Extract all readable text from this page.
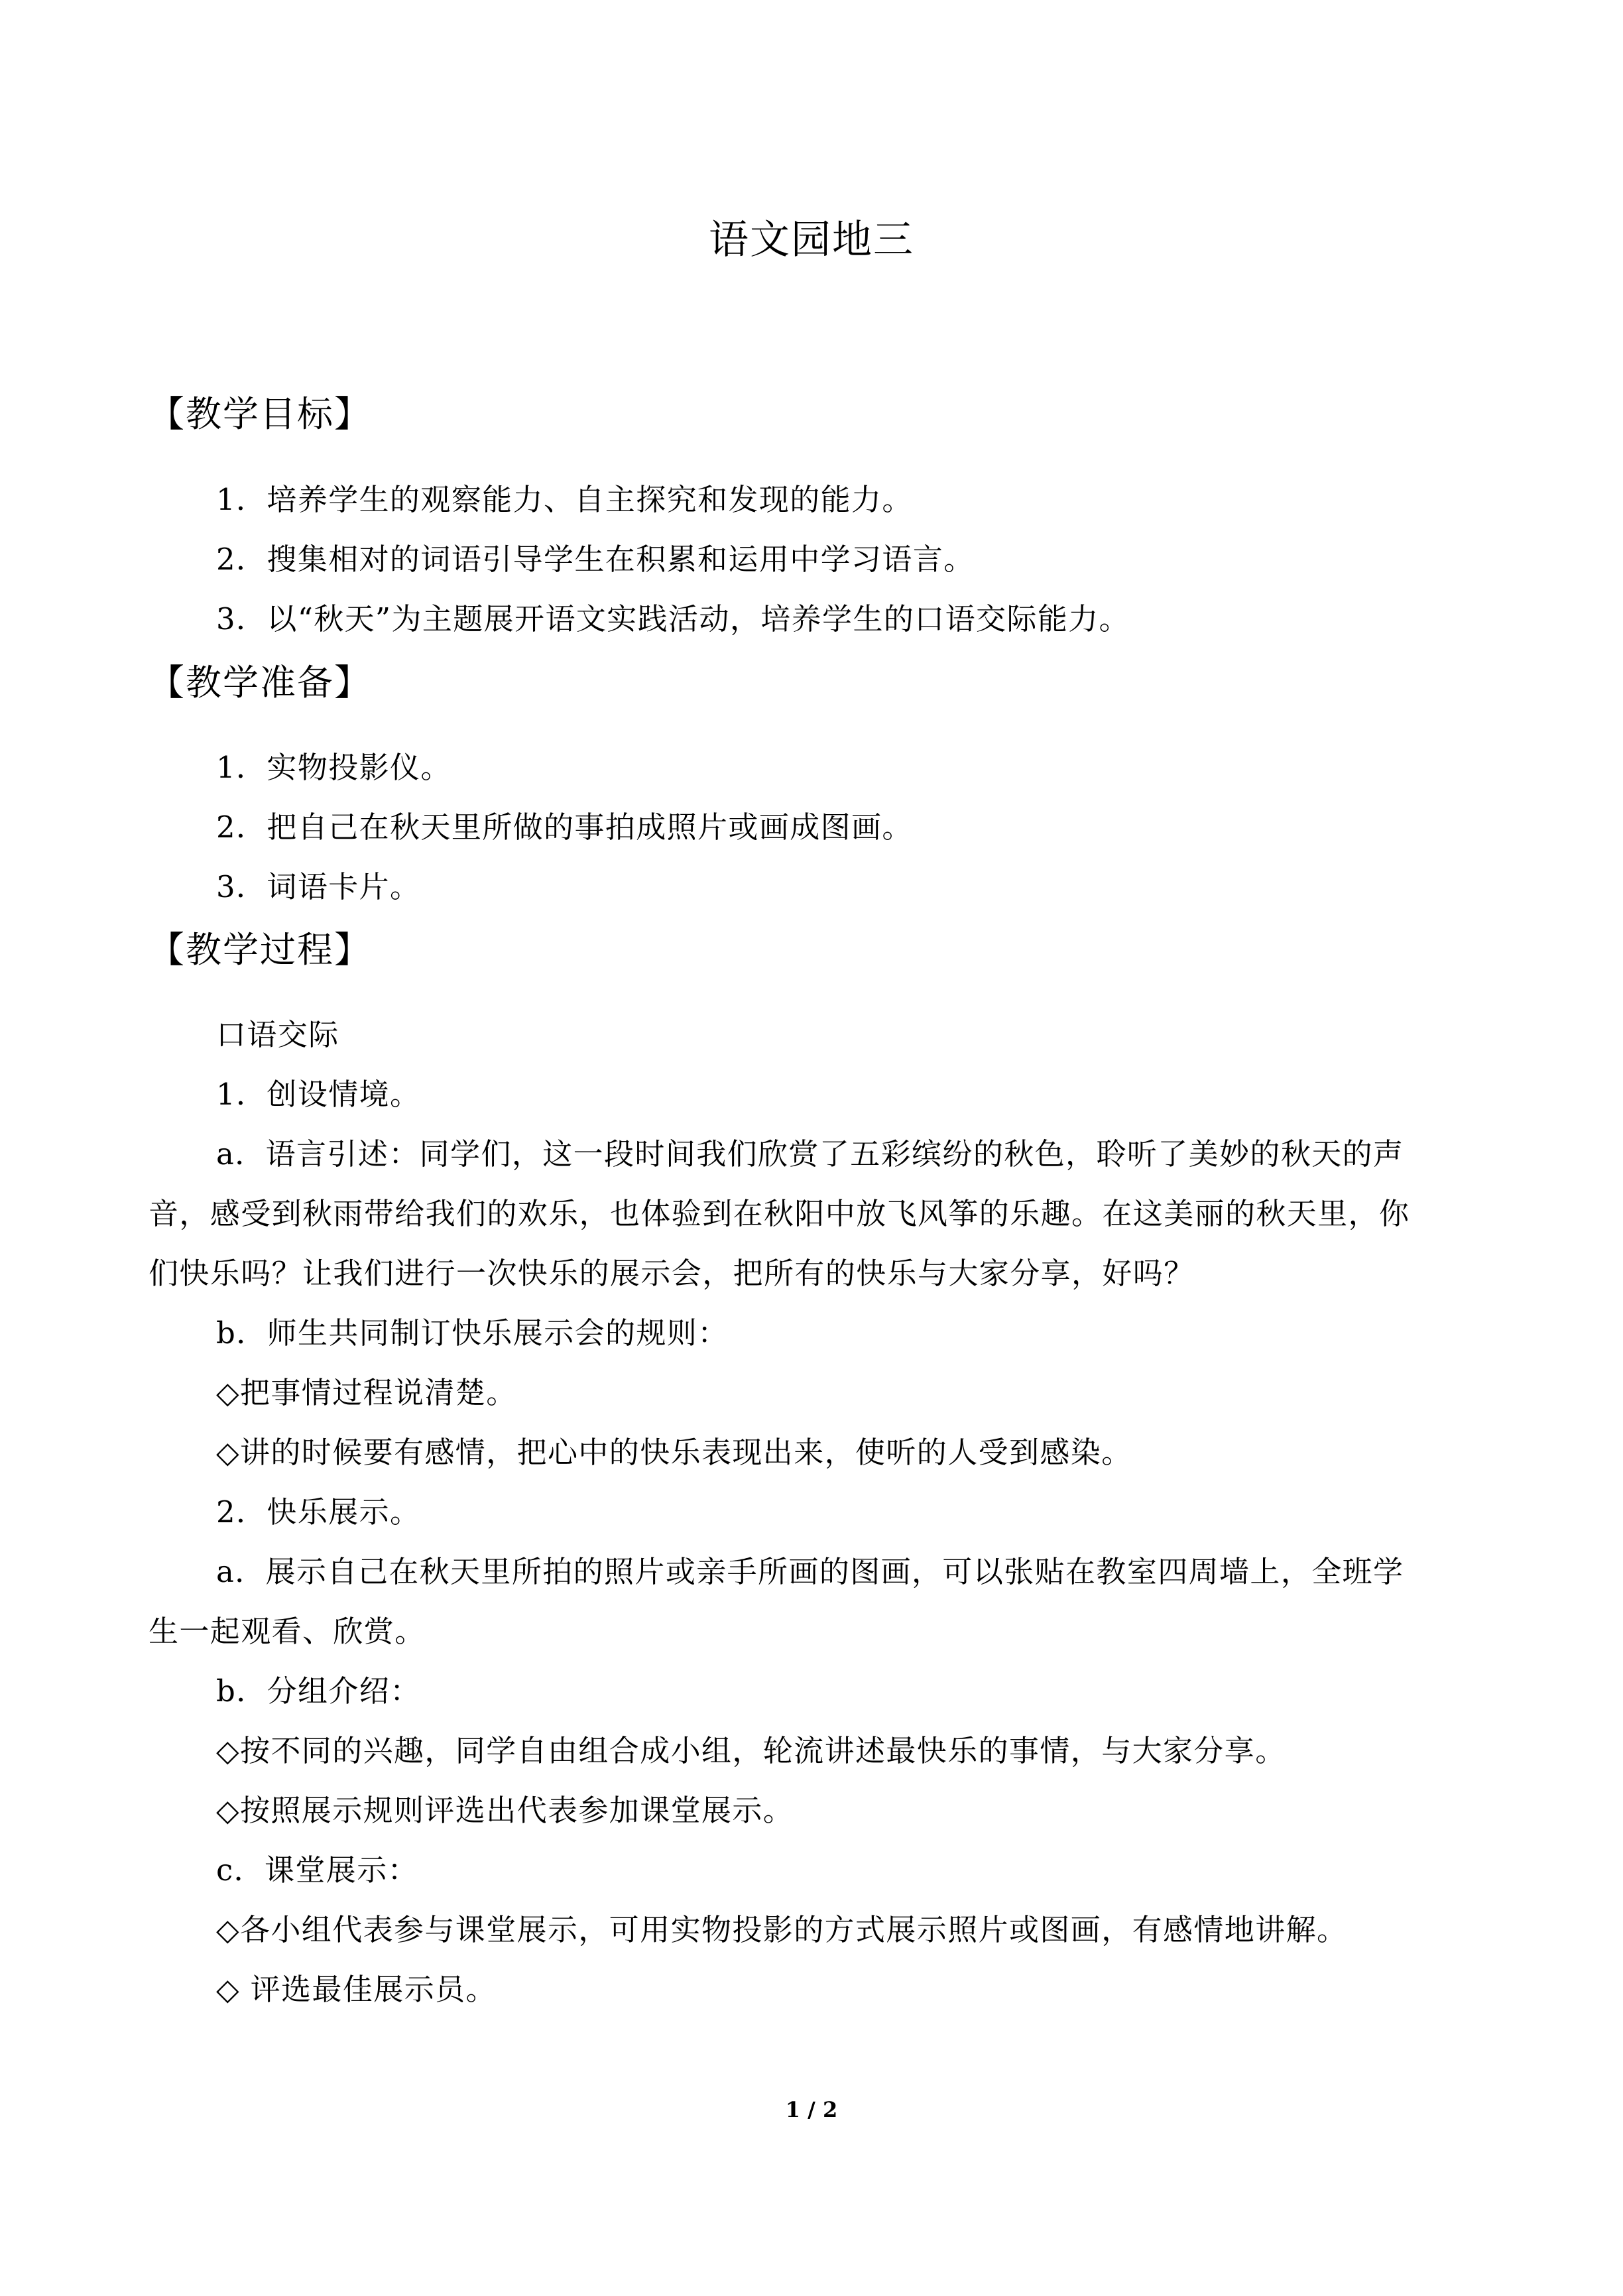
语文园地三
【教学目标】
1．培养学生的观察能力、自主探究和发现的能力。
2．搜集相对的词语引导学生在积累和运用中学习语言。
3．以“秋天”为主题展开语文实践活动，培养学生的口语交际能力。
【教学准备】
1．实物投影仪。
2．把自己在秋天里所做的事拍成照片或画成图画。
3．词语卡片。
【教学过程】
口语交际
1．创设情境。
a．语言引述：同学们，这一段时间我们欣赏了五彩缤纷的秋色，聆听了美妙的秋天的声
音，感受到秋雨带给我们的欢乐，也体验到在秋阳中放飞风筝的乐趣。在这美丽的秋天里，你
们快乐吗？让我们进行一次快乐的展示会，把所有的快乐与大家分享，好吗？
b．师生共同制订快乐展示会的规则：
◇把事情过程说清楚。
◇讲的时候要有感情，把心中的快乐表现出来，使听的人受到感染。
2．快乐展示。
a．展示自己在秋天里所拍的照片或亲手所画的图画，可以张贴在教室四周墙上，全班学
生一起观看、欣赏。
b．分组介绍：
◇按不同的兴趣，同学自由组合成小组，轮流讲述最快乐的事情，与大家分享。
◇按照展示规则评选出代表参加课堂展示。
c．课堂展示：
◇各小组代表参与课堂展示，可用实物投影的方式展示照片或图画，有感情地讲解。
◇ 评选最佳展示员。
1 / 2
